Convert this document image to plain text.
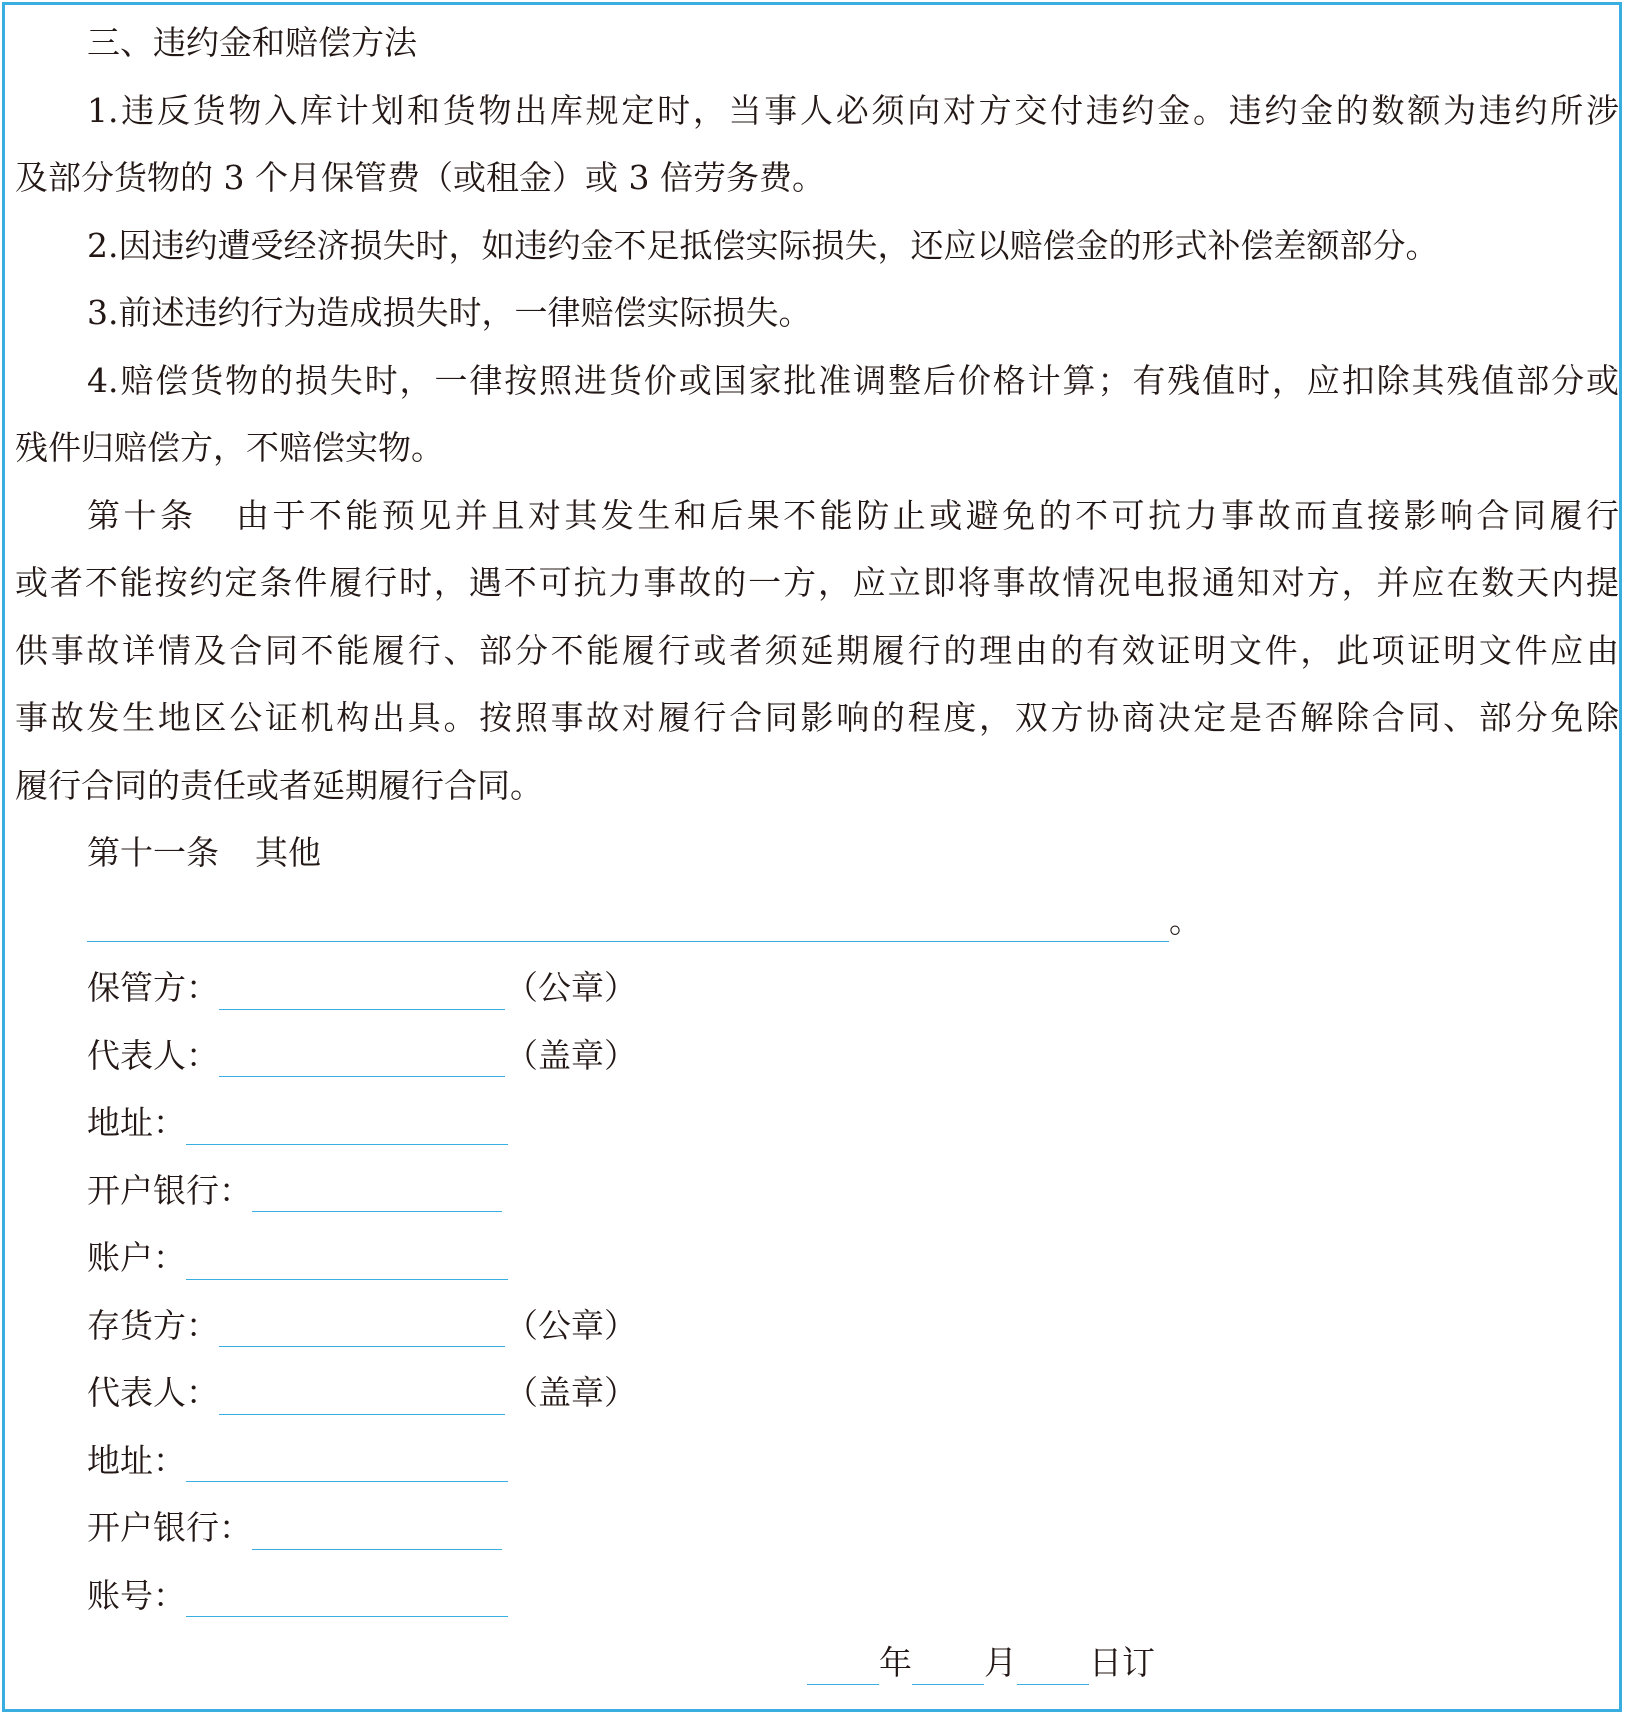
三、违约金和赔偿方法
1.违反货物入库计划和货物出库规定时，当事人必须向对方交付违约金。违约金的数额为违约所涉
及部分货物的 3 个月保管费（或租金）或 3 倍劳务费。
2.因违约遭受经济损失时，如违约金不足抵偿实际损失，还应以赔偿金的形式补偿差额部分。
3.前述违约行为造成损失时，一律赔偿实际损失。
4.赔偿货物的损失时，一律按照进货价或国家批准调整后价格计算；有残值时，应扣除其残值部分或
残件归赔偿方，不赔偿实物。
第十条 由于不能预见并且对其发生和后果不能防止或避免的不可抗力事故而直接影响合同履行
或者不能按约定条件履行时，遇不可抗力事故的一方，应立即将事故情况电报通知对方，并应在数天内提
供事故详情及合同不能履行、部分不能履行或者须延期履行的理由的有效证明文件，此项证明文件应由
事故发生地区公证机构出具。按照事故对履行合同影响的程度，双方协商决定是否解除合同、部分免除
履行合同的责任或者延期履行合同。
第十一条 其他
。
保管方：	（公章）
代表人：	（盖章）
地址：
开户银行：
账户：
存货方：	（公章）
代表人：	（盖章）
地址：
开户银行：
账号：
年 月 日订
